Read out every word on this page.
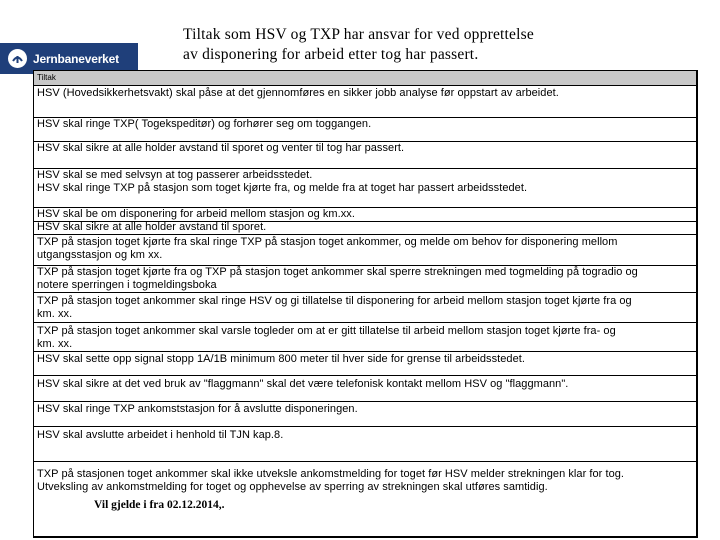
Jernbaneverket
Tiltak som HSV og TXP har ansvar for ved opprettelse
av disponering for arbeid etter tog har passert.
Tiltak
HSV (Hovedsikkerhetsvakt) skal påse at det gjennomføres en sikker jobb analyse før oppstart av arbeidet.
HSV skal ringe TXP( Togekspeditør) og forhører seg om toggangen.
HSV skal sikre at alle holder avstand til sporet og venter til tog har passert.
HSV skal se med selvsyn at tog passerer arbeidsstedet.
HSV skal ringe TXP på stasjon som toget kjørte fra, og melde fra at toget har passert arbeidsstedet.
HSV skal be om disponering for arbeid mellom stasjon og km.xx.
HSV skal sikre at alle holder avstand til sporet.
TXP på stasjon toget kjørte fra skal ringe TXP på stasjon toget ankommer, og melde om behov for disponering mellom
utgangsstasjon og km xx.
TXP på stasjon toget kjørte fra og TXP på stasjon toget ankommer skal sperre strekningen med togmelding på togradio og
notere sperringen i togmeldingsboka
TXP på stasjon toget ankommer skal ringe HSV og gi tillatelse til disponering for arbeid mellom stasjon toget kjørte fra og
km. xx.
TXP på stasjon toget ankommer skal varsle togleder om at er gitt tillatelse til arbeid mellom stasjon toget kjørte fra- og
km. xx.
HSV skal sette opp signal stopp 1A/1B minimum 800 meter til hver side for grense til arbeidsstedet.
HSV skal sikre at det ved bruk av "flaggmann" skal det være telefonisk kontakt mellom HSV og "flaggmann".
HSV skal ringe TXP ankomststasjon for å avslutte disponeringen.
HSV skal avslutte arbeidet i henhold til TJN kap.8.
TXP på stasjonen toget ankommer skal ikke utveksle ankomstmelding for toget før HSV melder strekningen klar for tog.
Utveksling av ankomstmelding for toget og opphevelse av sperring av strekningen skal utføres samtidig.
Vil gjelde i fra 02.12.2014,.
